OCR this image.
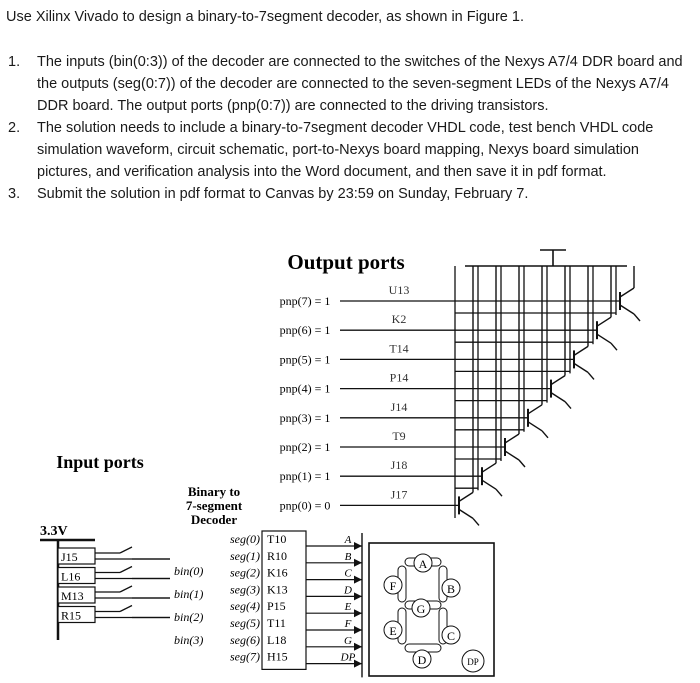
Use Xilinx Vivado to design a binary-to-7segment decoder, as shown in Figure 1.
1. The inputs (bin(0:3)) of the decoder are connected to the switches of the Nexys A7/4 DDR board and the outputs (seg(0:7)) of the decoder are connected to the seven-segment LEDs of the Nexys A7/4 DDR board. The output ports (pnp(0:7)) are connected to the driving transistors.
2. The solution needs to include a binary-to-7segment decoder VHDL code, test bench VHDL code simulation waveform, circuit schematic, port-to-Nexys board mapping, Nexys board simulation pictures, and verification analysis into the Word document, and then save it in pdf format.
3. Submit the solution in pdf format to Canvas by 23:59 on Sunday, February 7.
Output ports
Input ports
Binary to
7-segment
Decoder
3.3V
J15
bin(0)
L16
bin(1)
M13
bin(2)
R15
bin(3)
A
B
C
D
E
F
G
DP
pnp(7) = 1
U13
pnp(6) = 1
K2
pnp(5) = 1
T14
pnp(4) = 1
P14
pnp(3) = 1
J14
pnp(2) = 1
T9
pnp(1) = 1
J18
pnp(0) = 0
J17
seg(0) T10	A
seg(1) R10	B
seg(2) K16	C
seg(3) K13	D
seg(4) P15	E
seg(5) T11	F
seg(6) L18	G
seg(7) H15	DP
